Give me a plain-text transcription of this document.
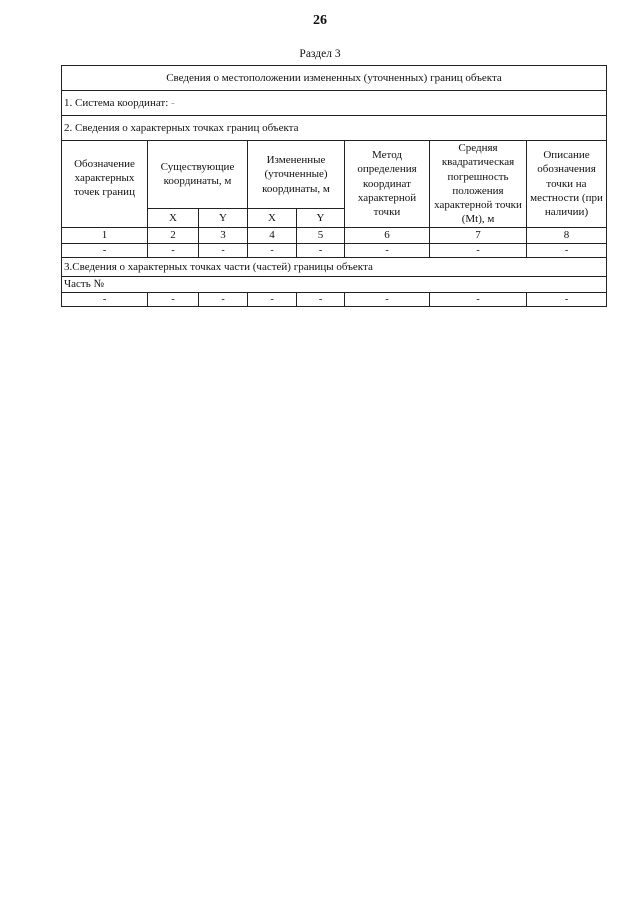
26
Раздел 3
Сведения о местоположении измененных (уточненных) границ объекта							
1. Система координат: -							
2. Сведения о характерных точках границ объекта							

Обозначение характерных точек границ	Существующие координаты, м		Измененные (уточненные) координаты, м		Метод определения координат характерной точки	Средняя квадратическая погрешность положения характерной точки (Mt), м	Описание обозначения точки на местности (при наличии)
	X	Y	X	Y			
1	2	3	4	5	6	7	8
-	-	-	-	-	-	-	-
3.Сведения о характерных точках части (частей) границы объекта							
Часть №							
-	-	-	-	-	-	-	-
